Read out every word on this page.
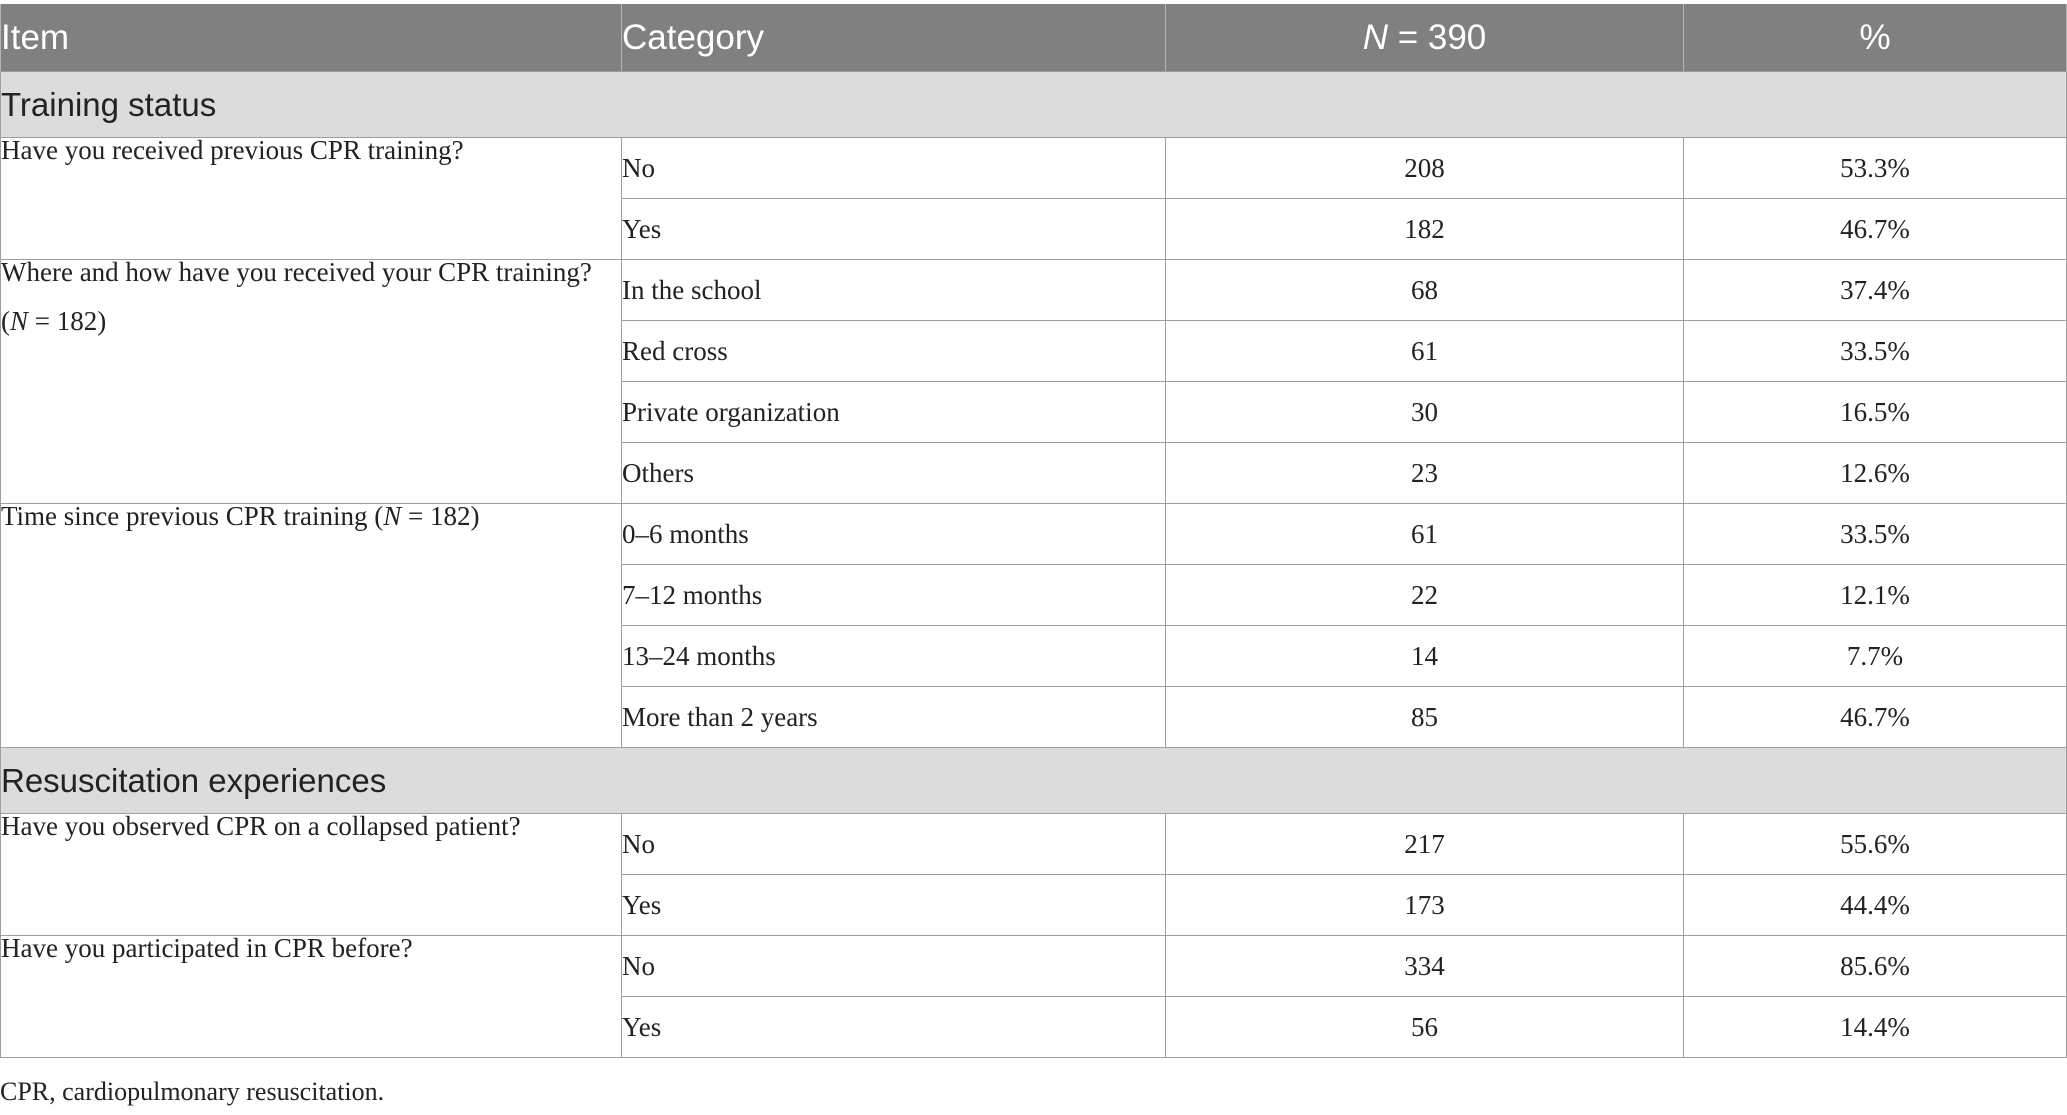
Item	Category	N = 390	%
Training status			

Have you received previous CPR training?	No	208	53.3%
	Yes	182	46.7%

Where and how have you received your CPR training? (N = 182)	In the school	68	37.4%
	Red cross	61	33.5%
	Private organization	30	16.5%
	Others	23	12.6%

Time since previous CPR training (N = 182)	0–6 months	61	33.5%
	7–12 months	22	12.1%
	13–24 months	14	7.7%
	More than 2 years	85	46.7%
Resuscitation experiences			

Have you observed CPR on a collapsed patient?	No	217	55.6%
	Yes	173	44.4%

Have you participated in CPR before?	No	334	85.6%
	Yes	56	14.4%
CPR, cardiopulmonary resuscitation.
